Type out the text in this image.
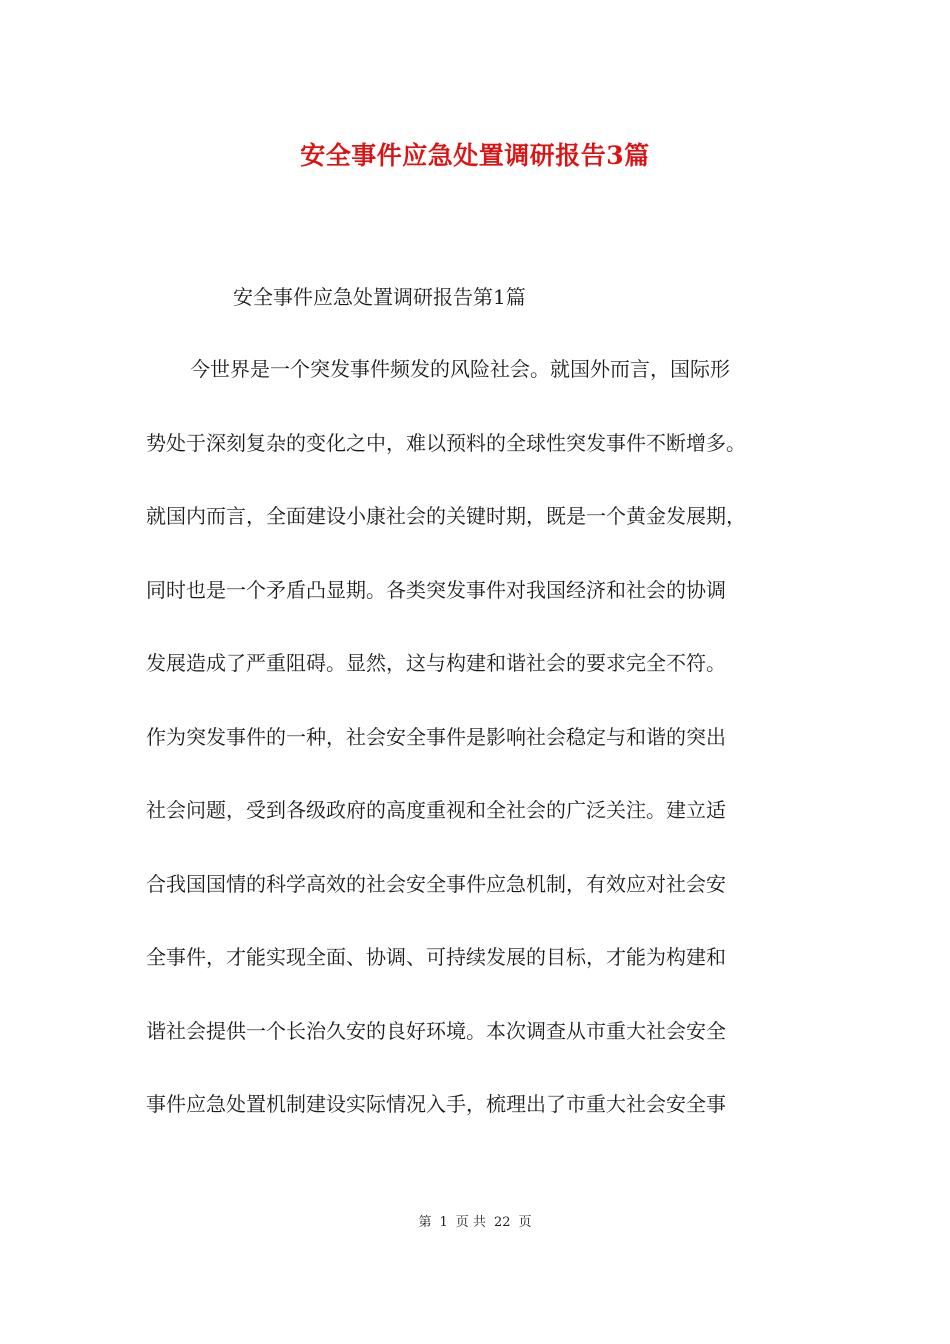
安全事件应急处置调研报告3篇
安全事件应急处置调研报告第1篇
今世界是一个突发事件频发的风险社会。就国外而言，国际形
势处于深刻复杂的变化之中，难以预料的全球性突发事件不断增多。
就国内而言，全面建设小康社会的关键时期，既是一个黄金发展期，
同时也是一个矛盾凸显期。各类突发事件对我国经济和社会的协调
发展造成了严重阻碍。显然，这与构建和谐社会的要求完全不符。
作为突发事件的一种，社会安全事件是影响社会稳定与和谐的突出
社会问题，受到各级政府的高度重视和全社会的广泛关注。建立适
合我国国情的科学高效的社会安全事件应急机制，有效应对社会安
全事件，才能实现全面、协调、可持续发展的目标，才能为构建和
谐社会提供一个长治久安的良好环境。本次调查从市重大社会安全
事件应急处置机制建设实际情况入手，梳理出了市重大社会安全事
第 1 页 共 22 页
